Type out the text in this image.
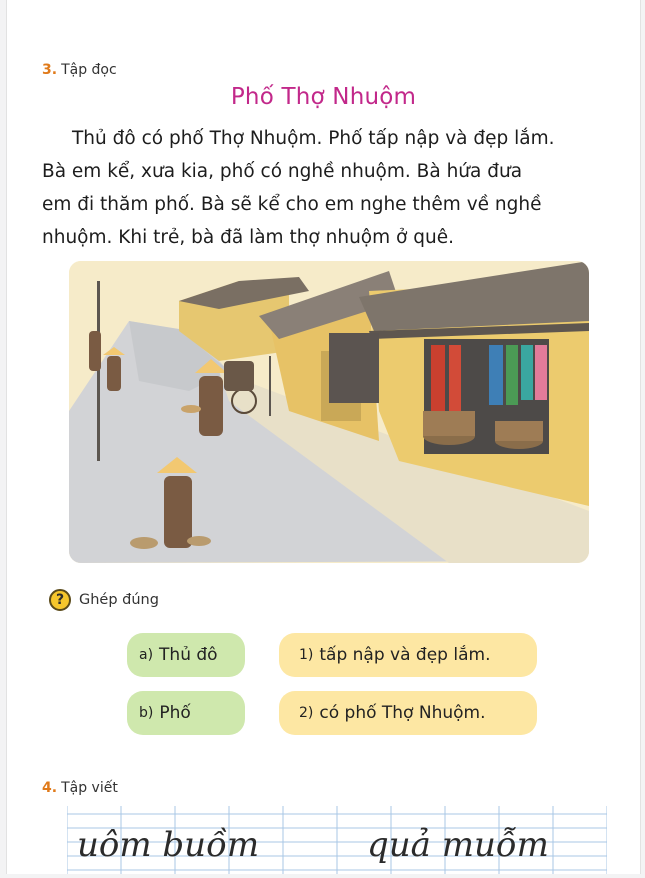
3. Tập đọc
Phố Thợ Nhuộm
Thủ đô có phố Thợ Nhuộm. Phố tấp nập và đẹp lắm.
Bà em kể, xưa kia, phố có nghề nhuộm. Bà hứa đưa
em đi thăm phố. Bà sẽ kể cho em nghe thêm về nghề
nhuộm. Khi trẻ, bà đã làm thợ nhuộm ở quê.
?	Ghép đúng
a) Thủ đô	1) tấp nập và đẹp lắm.
b) Phố	2) có phố Thợ Nhuộm.
4. Tập viết
uôm buồm	quả muỗm
